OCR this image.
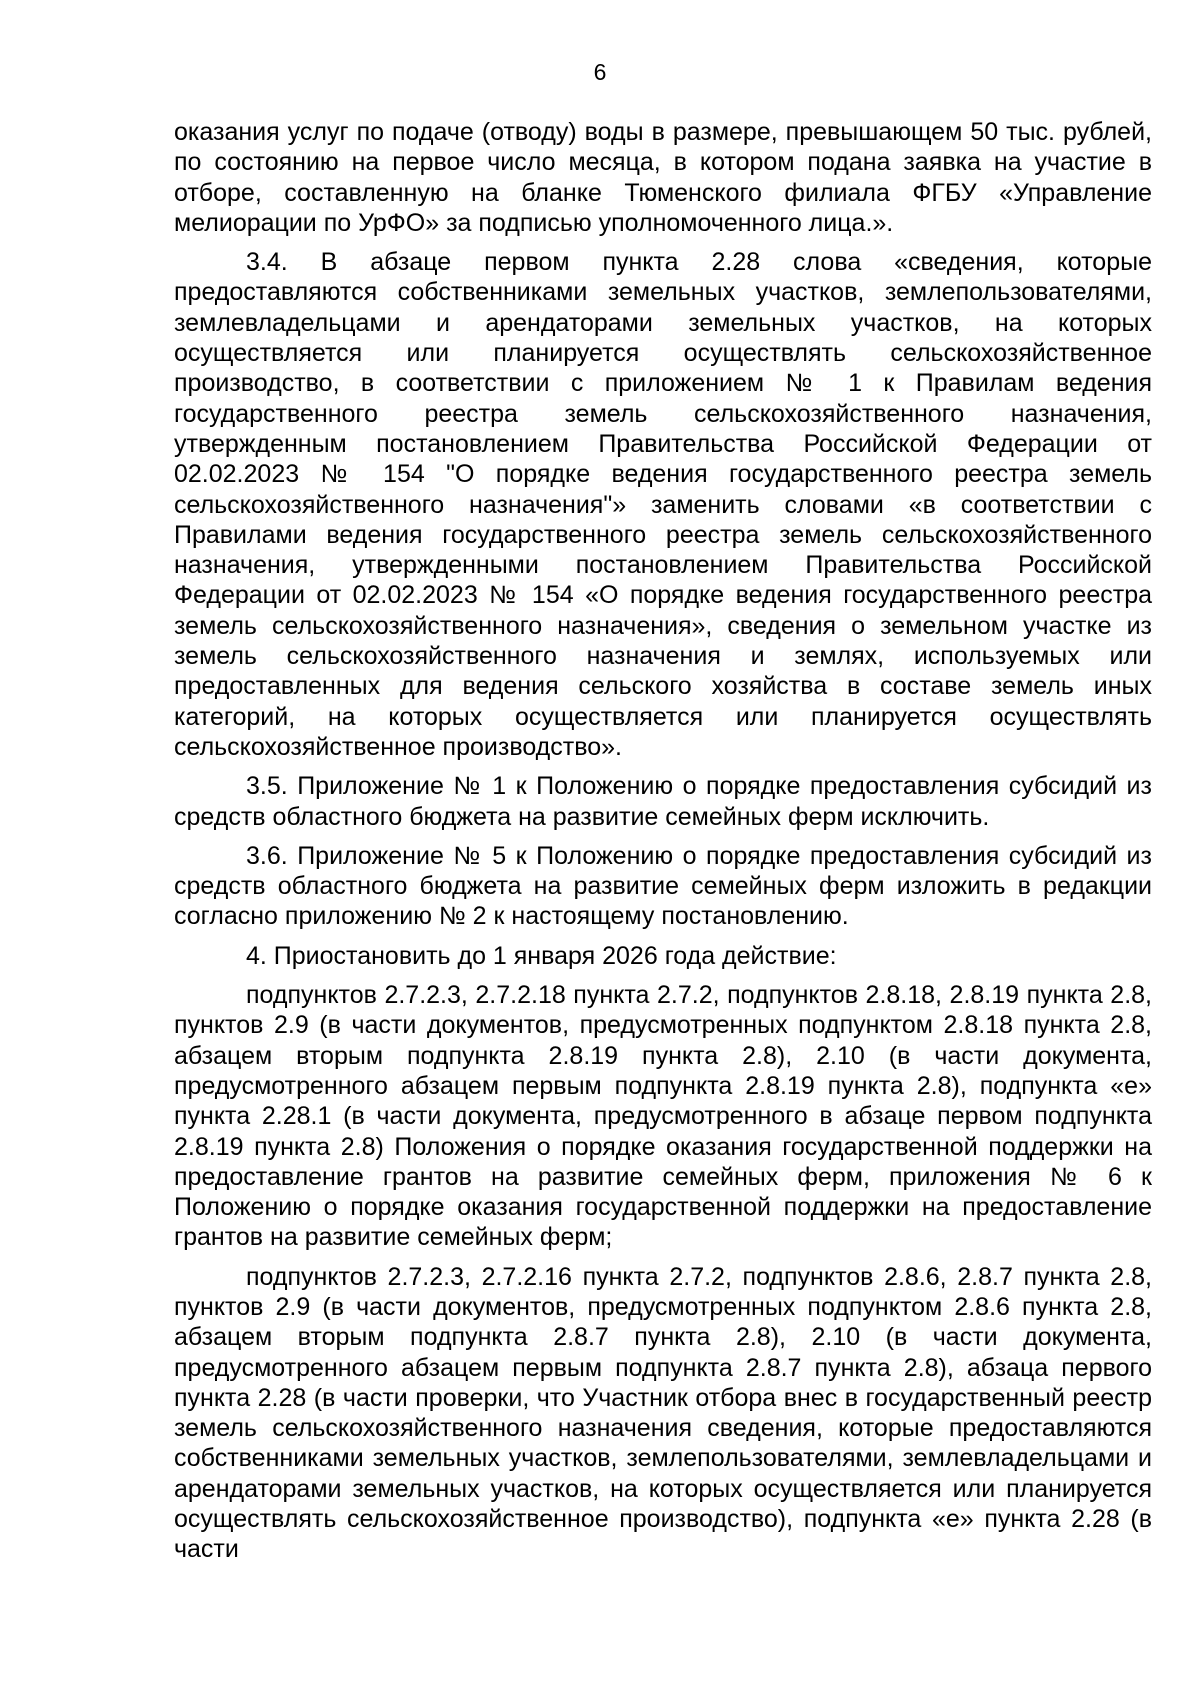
6

оказания услуг по подаче (отводу) воды в размере, превышающем 50 тыс. рублей, по состоянию на первое число месяца, в котором подана заявка на участие в отборе, составленную на бланке Тюменского филиала ФГБУ «Управление мелиорации по УрФО» за подписью уполномоченного лица.».

3.4. В абзаце первом пункта 2.28 слова «сведения, которые предоставляются собственниками земельных участков, землепользователями, землевладельцами и арендаторами земельных участков, на которых осуществляется или планируется осуществлять сельскохозяйственное производство, в соответствии с приложением № 1 к Правилам ведения государственного реестра земель сельскохозяйственного назначения, утвержденным постановлением Правительства Российской Федерации от 02.02.2023 № 154 "О порядке ведения государственного реестра земель сельскохозяйственного назначения"» заменить словами «в соответствии с Правилами ведения государственного реестра земель сельскохозяйственного назначения, утвержденными постановлением Правительства Российской Федерации от 02.02.2023 № 154 «О порядке ведения государственного реестра земель сельскохозяйственного назначения», сведения о земельном участке из земель сельскохозяйственного назначения и землях, используемых или предоставленных для ведения сельского хозяйства в составе земель иных категорий, на которых осуществляется или планируется осуществлять сельскохозяйственное производство».

3.5. Приложение № 1 к Положению о порядке предоставления субсидий из средств областного бюджета на развитие семейных ферм исключить.

3.6. Приложение № 5 к Положению о порядке предоставления субсидий из средств областного бюджета на развитие семейных ферм изложить в редакции согласно приложению № 2 к настоящему постановлению.

4. Приостановить до 1 января 2026 года действие:

подпунктов 2.7.2.3, 2.7.2.18 пункта 2.7.2, подпунктов 2.8.18, 2.8.19 пункта 2.8, пунктов 2.9 (в части документов, предусмотренных подпунктом 2.8.18 пункта 2.8, абзацем вторым подпункта 2.8.19 пункта 2.8), 2.10 (в части документа, предусмотренного абзацем первым подпункта 2.8.19 пункта 2.8), подпункта «е» пункта 2.28.1 (в части документа, предусмотренного в абзаце первом подпункта 2.8.19 пункта 2.8) Положения о порядке оказания государственной поддержки на предоставление грантов на развитие семейных ферм, приложения № 6 к Положению о порядке оказания государственной поддержки на предоставление грантов на развитие семейных ферм;

подпунктов 2.7.2.3, 2.7.2.16 пункта 2.7.2, подпунктов 2.8.6, 2.8.7 пункта 2.8, пунктов 2.9 (в части документов, предусмотренных подпунктом 2.8.6 пункта 2.8, абзацем вторым подпункта 2.8.7 пункта 2.8), 2.10 (в части документа, предусмотренного абзацем первым подпункта 2.8.7 пункта 2.8), абзаца первого пункта 2.28 (в части проверки, что Участник отбора внес в государственный реестр земель сельскохозяйственного назначения сведения, которые предоставляются собственниками земельных участков, землепользователями, землевладельцами и арендаторами земельных участков, на которых осуществляется или планируется осуществлять сельскохозяйственное производство), подпункта «е» пункта 2.28 (в части
